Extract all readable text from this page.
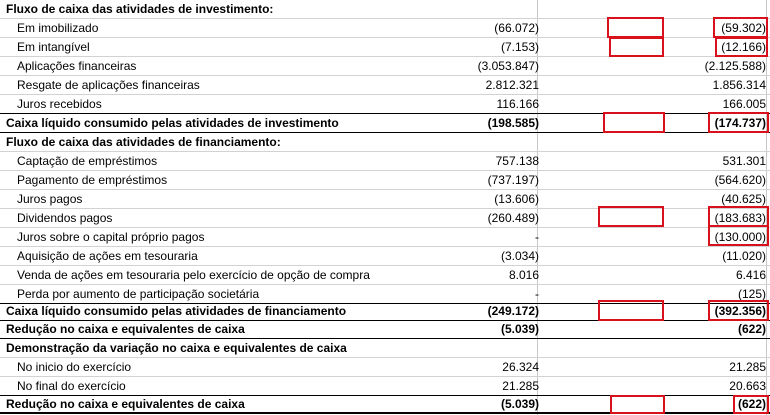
Fluxo de caixa das atividades de investimento:
Em imobilizado	(66.072)	(59.302)
Em intangível	(7.153)	(12.166)
Aplicações financeiras	(3.053.847)	(2.125.588)
Resgate de aplicações financeiras	2.812.321	1.856.314
Juros recebidos	116.166	166.005
Caixa líquido consumido pelas atividades de investimento	(198.585)	(174.737)
Fluxo de caixa das atividades de financiamento:
Captação de empréstimos	757.138	531.301
Pagamento de empréstimos	(737.197)	(564.620)
Juros pagos	(13.606)	(40.625)
Dividendos pagos	(260.489)	(183.683)
Juros sobre o capital próprio pagos	-	(130.000)
Aquisição de ações em tesouraria	(3.034)	(11.020)
Venda de ações em tesouraria pelo exercício de opção de compra	8.016	6.416
Perda por aumento de participação societária	-	(125)
Caixa líquido consumido pelas atividades de financiamento	(249.172)	(392.356)
Redução no caixa e equivalentes de caixa	(5.039)	(622)
Demonstração da variação no caixa e equivalentes de caixa
No inicio do exercício	26.324	21.285
No final do exercício	21.285	20.663
Redução no caixa e equivalentes de caixa	(5.039)	(622)
